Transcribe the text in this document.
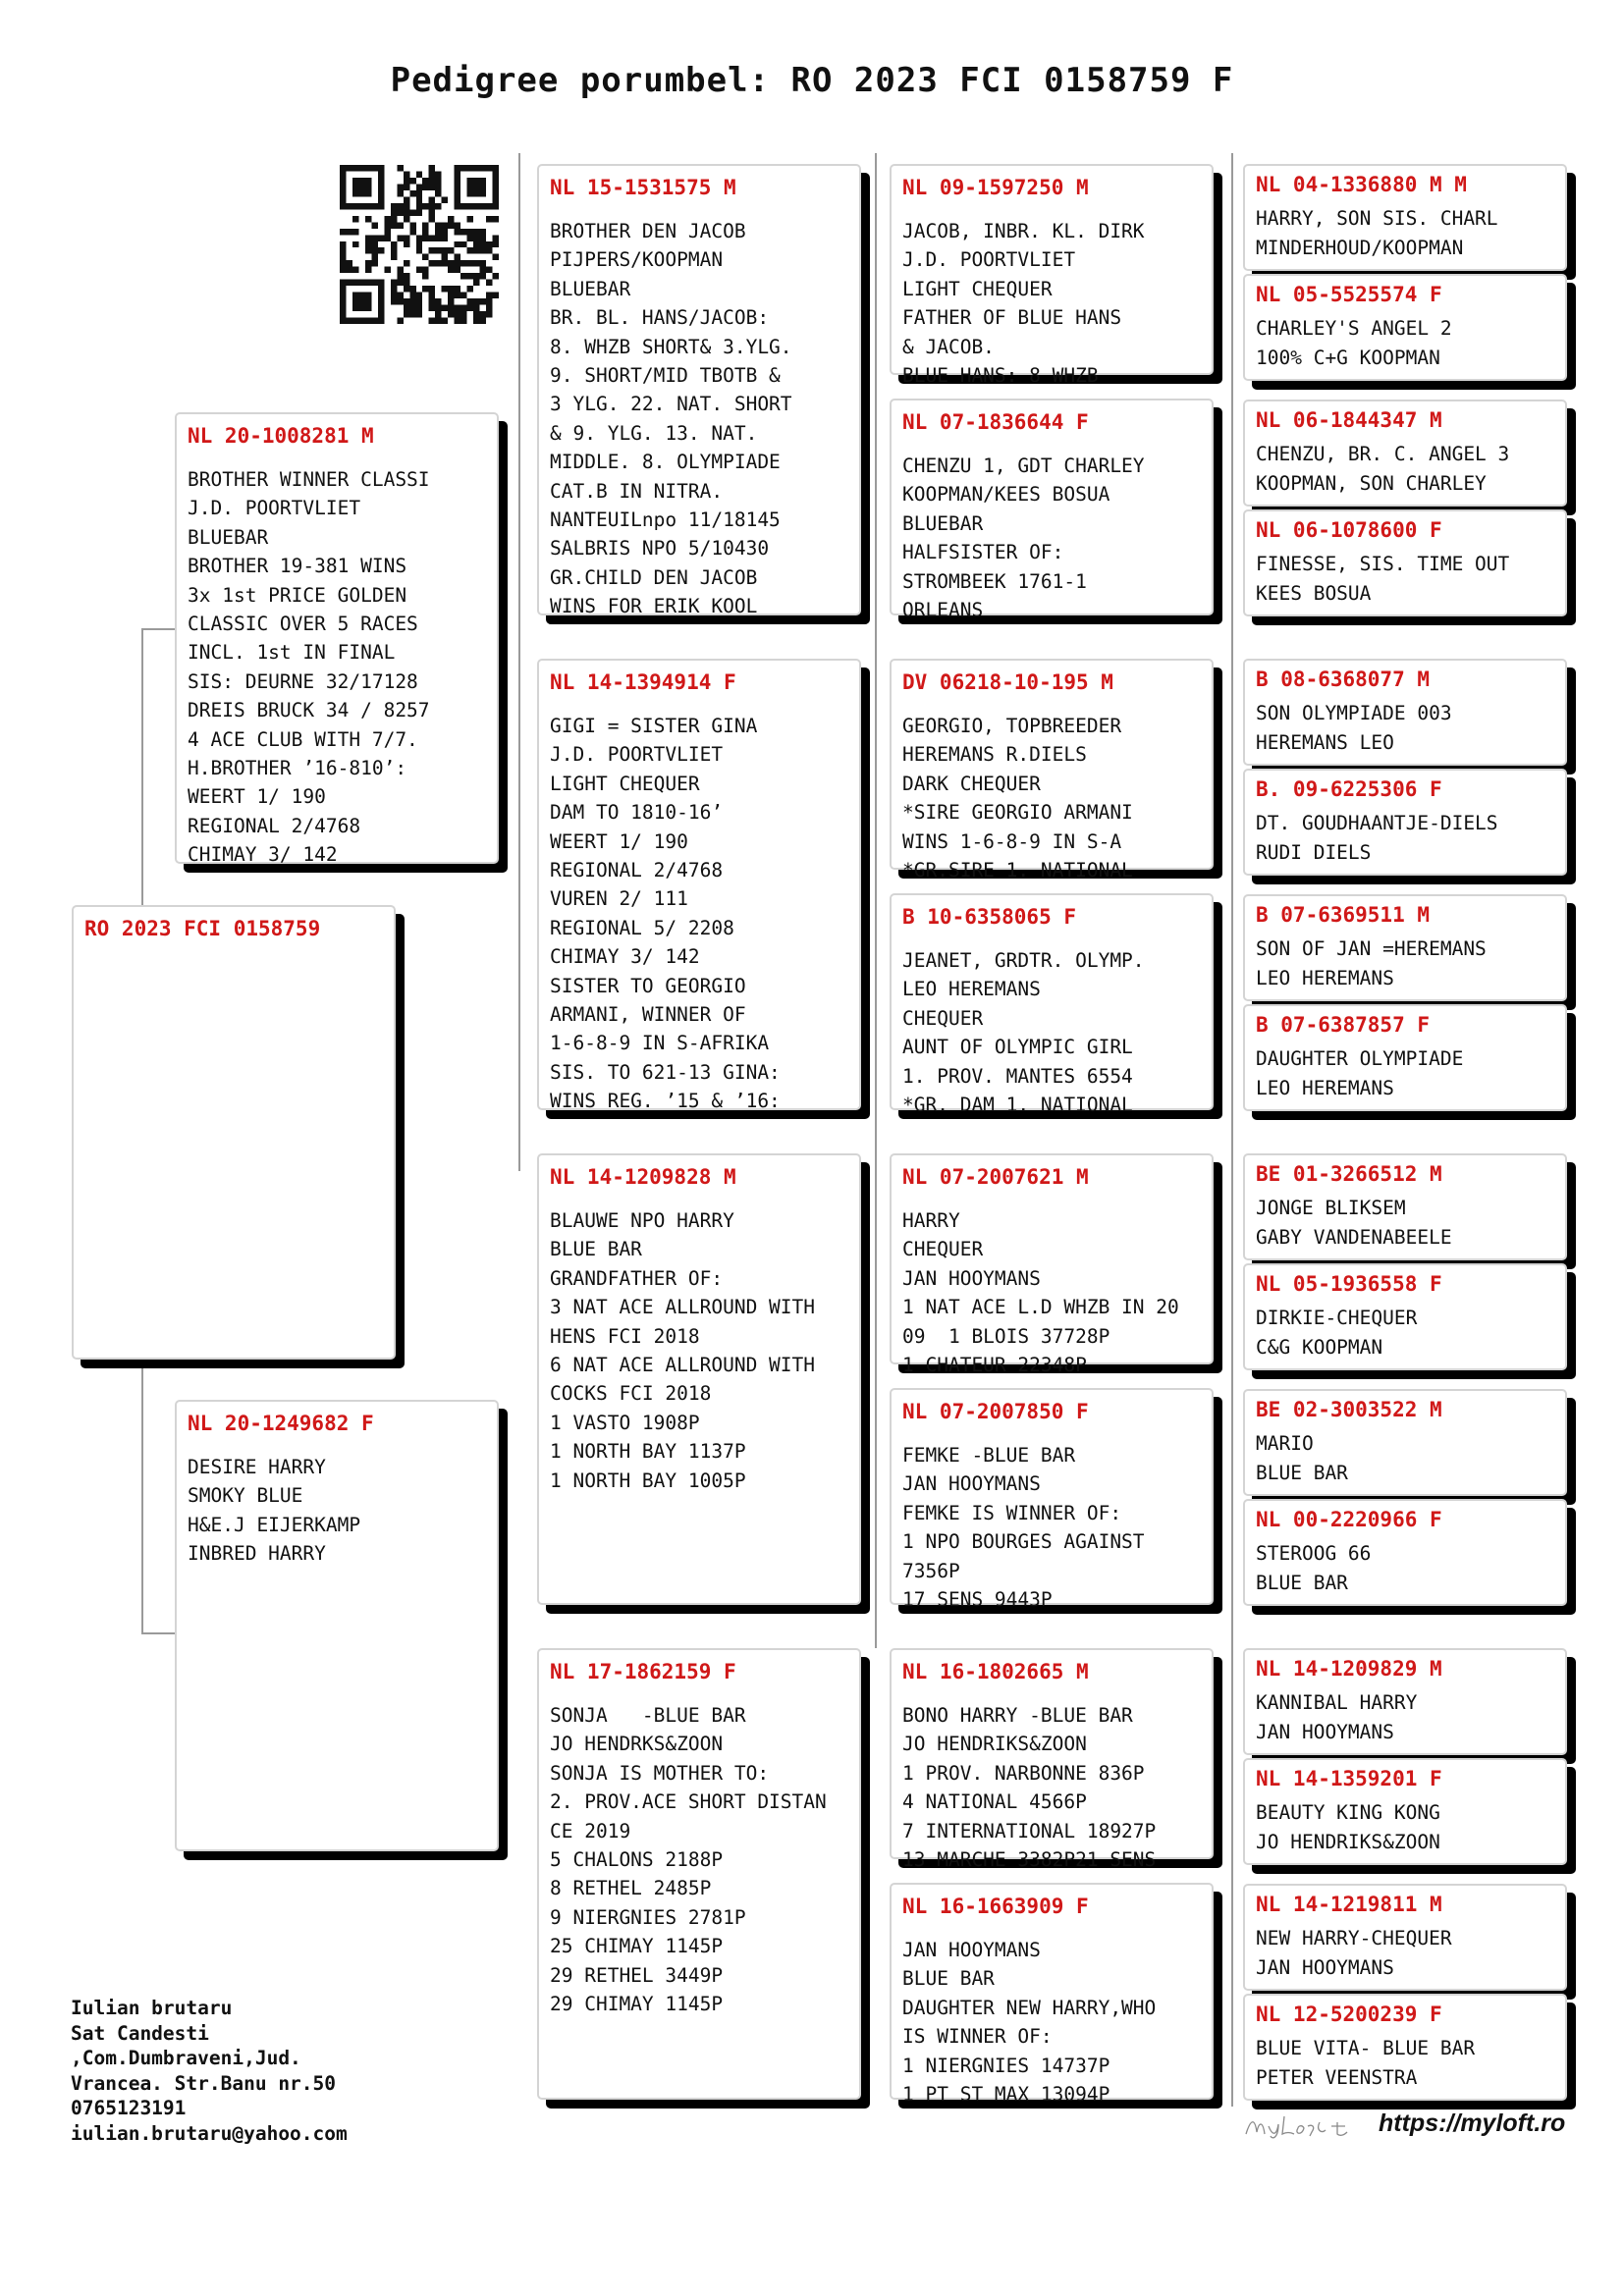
Pedigree porumbel: RO 2023 FCI 0158759 F
RO 2023 FCI 0158759
NL 20-1008281 M
BROTHER WINNER CLASSI
J.D. POORTVLIET
BLUEBAR
BROTHER 19-381 WINS
3x 1st PRICE GOLDEN
CLASSIC OVER 5 RACES
INCL. 1st IN FINAL
SIS: DEURNE 32/17128
DREIS BRUCK 34 / 8257
4 ACE CLUB WITH 7/7.
H.BROTHER ’16-810’:
WEERT 1/ 190
REGIONAL 2/4768
CHIMAY 3/ 142
NL 20-1249682 F
DESIRE HARRY
SMOKY BLUE
H&E.J EIJERKAMP
INBRED HARRY
NL 15-1531575 M
BROTHER DEN JACOB
PIJPERS/KOOPMAN
BLUEBAR
BR. BL. HANS/JACOB:
8. WHZB SHORT& 3.YLG.
9. SHORT/MID TBOTB &
3 YLG. 22. NAT. SHORT
& 9. YLG. 13. NAT.
MIDDLE. 8. OLYMPIADE
CAT.B IN NITRA.
NANTEUILnpo 11/18145
SALBRIS NPO 5/10430
GR.CHILD DEN JACOB
WINS FOR ERIK KOOL
NL 14-1394914 F
GIGI = SISTER GINA
J.D. POORTVLIET
LIGHT CHEQUER
DAM TO 1810-16’
WEERT 1/ 190
REGIONAL 2/4768
VUREN 2/ 111
REGIONAL 5/ 2208
CHIMAY 3/ 142
SISTER TO GEORGIO
ARMANI, WINNER OF
1-6-8-9 IN S-AFRIKA
SIS. TO 621-13 GINA:
WINS REG. ’15 & ’16:
NL 14-1209828 M
BLAUWE NPO HARRY
BLUE BAR
GRANDFATHER OF:
3 NAT ACE ALLROUND WITH
HENS FCI 2018
6 NAT ACE ALLROUND WITH
COCKS FCI 2018
1 VASTO 1908P
1 NORTH BAY 1137P
1 NORTH BAY 1005P
NL 17-1862159 F
SONJA   -BLUE BAR
JO HENDRKS&ZOON
SONJA IS MOTHER TO:
2. PROV.ACE SHORT DISTAN
CE 2019
5 CHALONS 2188P
8 RETHEL 2485P
9 NIERGNIES 2781P
25 CHIMAY 1145P
29 RETHEL 3449P
29 CHIMAY 1145P
NL 09-1597250 M
JACOB, INBR. KL. DIRK
J.D. POORTVLIET
LIGHT CHEQUER
FATHER OF BLUE HANS
& JACOB.
BLUE HANS: 8 WHZB
NL 07-1836644 F
CHENZU 1, GDT CHARLEY
KOOPMAN/KEES BOSUA
BLUEBAR
HALFSISTER OF:
STROMBEEK 1761-1
ORLEANS
DV 06218-10-195 M
GEORGIO, TOPBREEDER
HEREMANS R.DIELS
DARK CHEQUER
*SIRE GEORGIO ARMANI
WINS 1-6-8-9 IN S-A
*GR.SIRE 1. NATIONAL
B 10-6358065 F
JEANET, GRDTR. OLYMP.
LEO HEREMANS
CHEQUER
AUNT OF OLYMPIC GIRL
1. PROV. MANTES 6554
*GR. DAM 1. NATIONAL
NL 07-2007621 M
HARRY
CHEQUER
JAN HOOYMANS
1 NAT ACE L.D WHZB IN 20
09  1 BLOIS 37728P
1 CHATEUR 22348P
NL 07-2007850 F
FEMKE -BLUE BAR
JAN HOOYMANS
FEMKE IS WINNER OF:
1 NPO BOURGES AGAINST
7356P
17 SENS 9443P
NL 16-1802665 M
BONO HARRY -BLUE BAR
JO HENDRIKS&ZOON
1 PROV. NARBONNE 836P
4 NATIONAL 4566P
7 INTERNATIONAL 18927P
13 MARCHE 3382P21 SENS
NL 16-1663909 F
JAN HOOYMANS
BLUE BAR
DAUGHTER NEW HARRY,WHO
IS WINNER OF:
1 NIERGNIES 14737P
1 PT ST MAX 13094P
NL 04-1336880 M M
HARRY, SON SIS. CHARL
MINDERHOUD/KOOPMAN
NL 05-5525574 F
CHARLEY'S ANGEL 2
100% C+G KOOPMAN
NL 06-1844347 M
CHENZU, BR. C. ANGEL 3
KOOPMAN, SON CHARLEY
NL 06-1078600 F
FINESSE, SIS. TIME OUT
KEES BOSUA
B 08-6368077 M
SON OLYMPIADE 003
HEREMANS LEO
B. 09-6225306 F
DT. GOUDHAANTJE-DIELS
RUDI DIELS
B 07-6369511 M
SON OF JAN =HEREMANS
LEO HEREMANS
B 07-6387857 F
DAUGHTER OLYMPIADE
LEO HEREMANS
BE 01-3266512 M
JONGE BLIKSEM
GABY VANDENABEELE
NL 05-1936558 F
DIRKIE-CHEQUER
C&G KOOPMAN
BE 02-3003522 M
MARIO
BLUE BAR
NL 00-2220966 F
STEROOG 66
BLUE BAR
NL 14-1209829 M
KANNIBAL HARRY
JAN HOOYMANS
NL 14-1359201 F
BEAUTY KING KONG
JO HENDRIKS&ZOON
NL 14-1219811 M
NEW HARRY-CHEQUER
JAN HOOYMANS
NL 12-5200239 F
BLUE VITA- BLUE BAR
PETER VEENSTRA
Iulian brutaru
Sat Candesti
,Com.Dumbraveni,Jud.
Vrancea. Str.Banu nr.50
0765123191
iulian.brutaru@yahoo.com	https://myloft.ro
